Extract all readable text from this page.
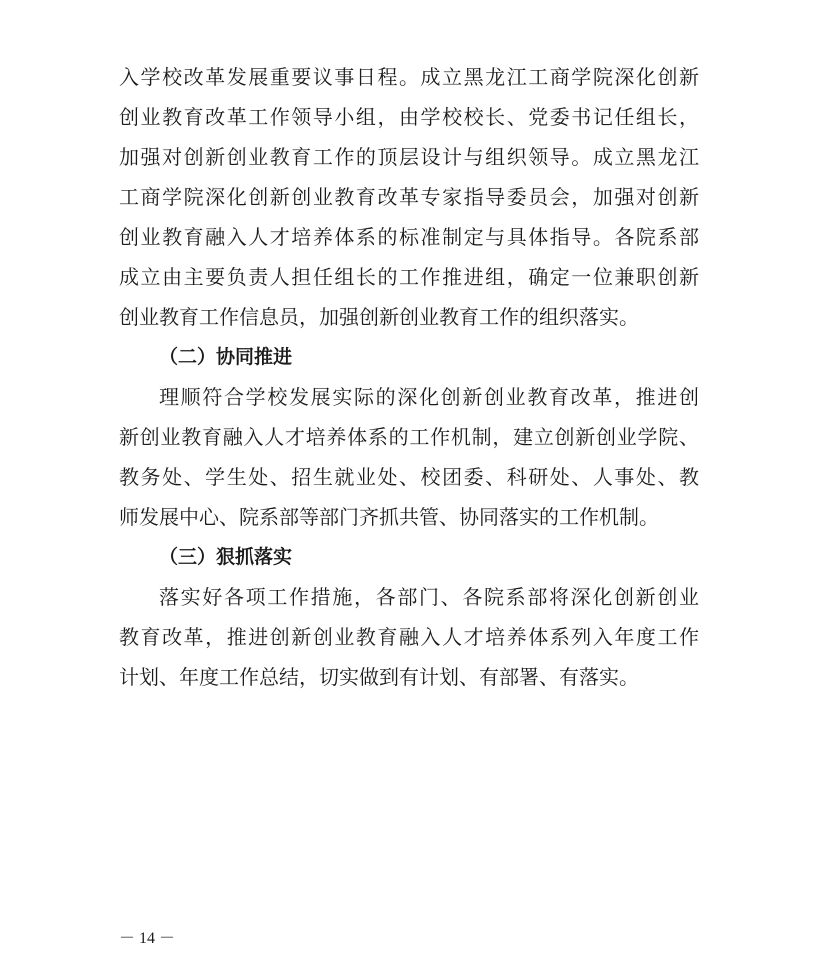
入学校改革发展重要议事日程。成立黑龙江工商学院深化创新
创业教育改革工作领导小组，由学校校长、党委书记任组长，
加强对创新创业教育工作的顶层设计与组织领导。成立黑龙江
工商学院深化创新创业教育改革专家指导委员会，加强对创新
创业教育融入人才培养体系的标准制定与具体指导。各院系部
成立由主要负责人担任组长的工作推进组，确定一位兼职创新
创业教育工作信息员，加强创新创业教育工作的组织落实。
（二）协同推进
理顺符合学校发展实际的深化创新创业教育改革，推进创
新创业教育融入人才培养体系的工作机制，建立创新创业学院、
教务处、学生处、招生就业处、校团委、科研处、人事处、教
师发展中心、院系部等部门齐抓共管、协同落实的工作机制。
（三）狠抓落实
落实好各项工作措施，各部门、各院系部将深化创新创业
教育改革，推进创新创业教育融入人才培养体系列入年度工作
计划、年度工作总结，切实做到有计划、有部署、有落实。
－ 14 －
